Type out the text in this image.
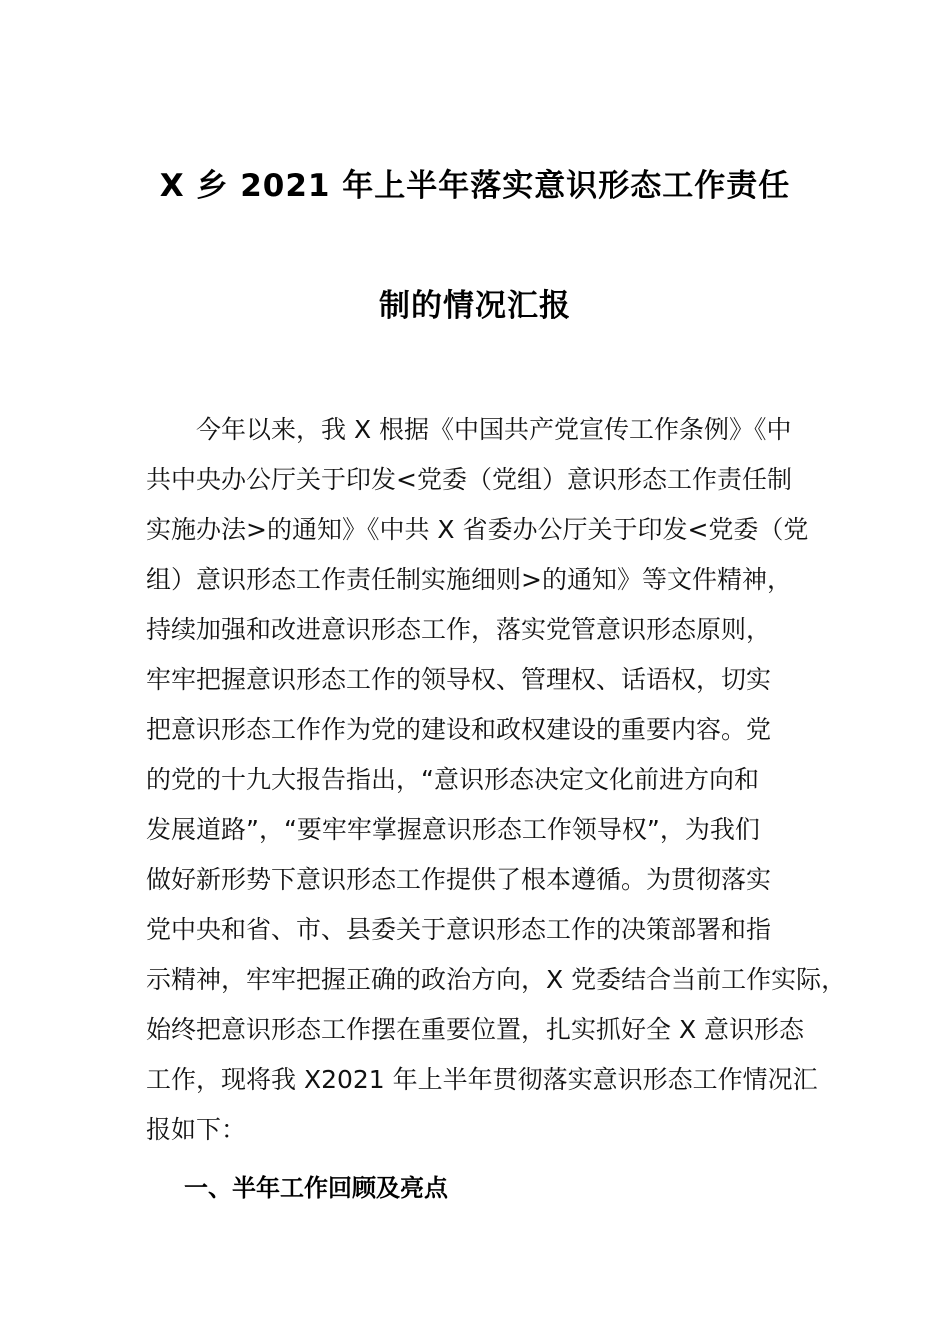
X 乡 2021 年上半年落实意识形态工作责任
制的情况汇报
　　今年以来，我 X 根据《中国共产党宣传工作条例》《中
共中央办公厅关于印发<党委（党组）意识形态工作责任制
实施办法>的通知》《中共 X 省委办公厅关于印发<党委（党
组）意识形态工作责任制实施细则>的通知》等文件精神，
持续加强和改进意识形态工作，落实党管意识形态原则，
牢牢把握意识形态工作的领导权、管理权、话语权，切实
把意识形态工作作为党的建设和政权建设的重要内容。党
的党的十九大报告指出，“意识形态决定文化前进方向和
发展道路”，“要牢牢掌握意识形态工作领导权”，为我们
做好新形势下意识形态工作提供了根本遵循。为贯彻落实
党中央和省、市、县委关于意识形态工作的决策部署和指
示精神，牢牢把握正确的政治方向，X 党委结合当前工作实际，
始终把意识形态工作摆在重要位置，扎实抓好全 X 意识形态
工作，现将我 X2021 年上半年贯彻落实意识形态工作情况汇
报如下：
一、半年工作回顾及亮点
